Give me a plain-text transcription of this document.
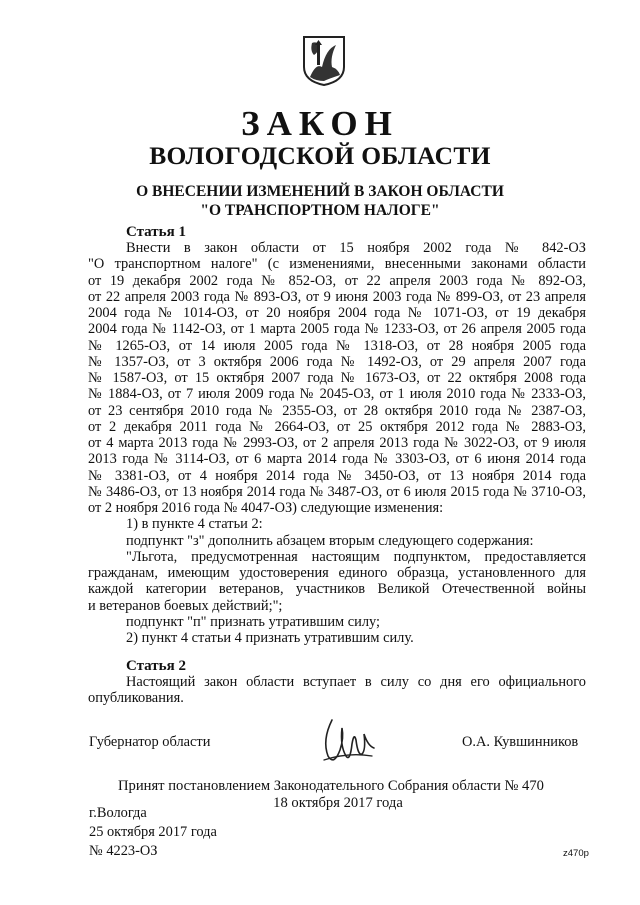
ЗАКОН
ВОЛОГОДСКОЙ ОБЛАСТИ
О ВНЕСЕНИИ ИЗМЕНЕНИЙ В ЗАКОН ОБЛАСТИ
"О ТРАНСПОРТНОМ НАЛОГЕ"
Статья 1
Внести в закон области от 15 ноября 2002 года № 842-ОЗ
"О транспортном налоге" (с изменениями, внесенными законами области
от 19 декабря 2002 года № 852-ОЗ, от 22 апреля 2003 года № 892-ОЗ,
от 22 апреля 2003 года № 893-ОЗ, от 9 июня 2003 года № 899-ОЗ, от 23 апреля
2004 года № 1014-ОЗ, от 20 ноября 2004 года № 1071-ОЗ, от 19 декабря
2004 года № 1142-ОЗ, от 1 марта 2005 года № 1233-ОЗ, от 26 апреля 2005 года
№ 1265-ОЗ, от 14 июля 2005 года № 1318-ОЗ, от 28 ноября 2005 года
№ 1357-ОЗ, от 3 октября 2006 года № 1492-ОЗ, от 29 апреля 2007 года
№ 1587-ОЗ, от 15 октября 2007 года № 1673-ОЗ, от 22 октября 2008 года
№ 1884-ОЗ, от 7 июля 2009 года № 2045-ОЗ, от 1 июля 2010 года № 2333-ОЗ,
от 23 сентября 2010 года № 2355-ОЗ, от 28 октября 2010 года № 2387-ОЗ,
от 2 декабря 2011 года № 2664-ОЗ, от 25 октября 2012 года № 2883-ОЗ,
от 4 марта 2013 года № 2993-ОЗ, от 2 апреля 2013 года № 3022-ОЗ, от 9 июля
2013 года № 3114-ОЗ, от 6 марта 2014 года № 3303-ОЗ, от 6 июня 2014 года
№ 3381-ОЗ, от 4 ноября 2014 года № 3450-ОЗ, от 13 ноября 2014 года
№ 3486-ОЗ, от 13 ноября 2014 года № 3487-ОЗ, от 6 июля 2015 года № 3710-ОЗ,
от 2 ноября 2016 года № 4047-ОЗ) следующие изменения:
1) в пункте 4 статьи 2:
подпункт "з" дополнить абзацем вторым следующего содержания:
"Льгота, предусмотренная настоящим подпунктом, предоставляется
гражданам, имеющим удостоверения единого образца, установленного для
каждой категории ветеранов, участников Великой Отечественной войны
и ветеранов боевых действий;";
подпункт "п" признать утратившим силу;
2) пункт 4 статьи 4 признать утратившим силу.
Статья 2
Настоящий закон области вступает в силу со дня его официального
опубликования.
Губернатор области	О.А. Кувшинников
Принят постановлением Законодательного Собрания области № 470
18 октября 2017 года
г.Вологда
25 октября 2017 года
№ 4223-ОЗ	z470p
